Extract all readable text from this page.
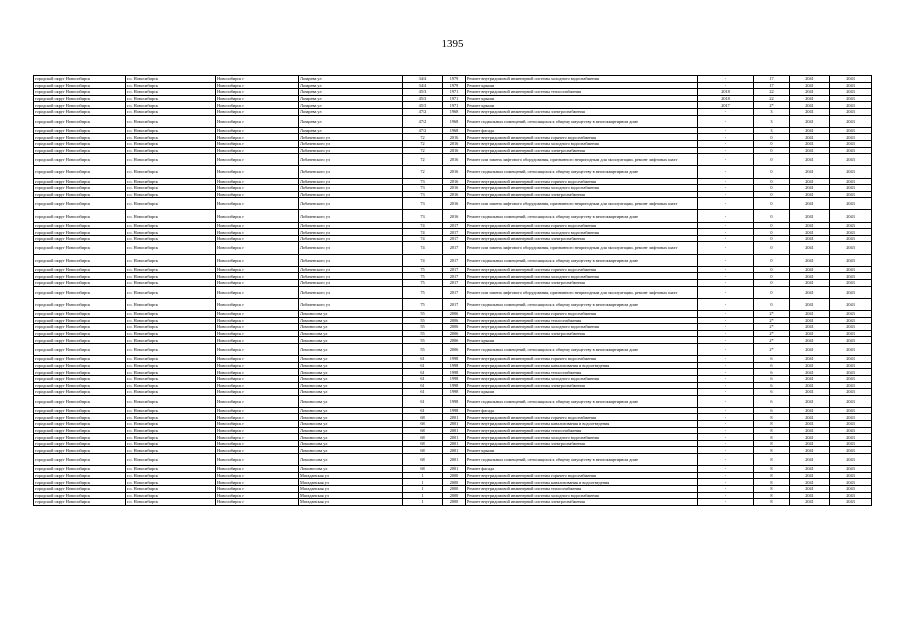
1395
городской округ Новосибирск	г.о. Новосибирск	Новосибирск г	Лазарева ул	34/4	1979	Ремонт внутридомовой инженерной системы холодного водоснабжения	-	17	2041	2043
городской округ Новосибирск	г.о. Новосибирск	Новосибирск г	Лазарева ул	34/4	1979	Ремонт крыши	-	17	2041	2043
городской округ Новосибирск	г.о. Новосибирск	Новосибирск г	Лазарева ул	45/3	1971	Ремонт внутридомовой инженерной системы теплоснабжения	2018	22	2041	2043
городской округ Новосибирск	г.о. Новосибирск	Новосибирск г	Лазарева ул	45/3	1971	Ремонт крыши	2018	22	2041	2043
городской округ Новосибирск	г.о. Новосибирск	Новосибирск г	Лазарева ул	45/3	1971	Ремонт крыши	2017	2*	2041	2043
городской округ Новосибирск	г.о. Новосибирск	Новосибирск г	Лазарева ул	47/2	1968	Ремонт внутридомовой инженерной системы электроснабжения	-	3	2041	2043
городской округ Новосибирск	г.о. Новосибирск	Новосибирск г	Лазарева ул	47/2	1968	Ремонт подвальных помещений, относящихся к общему имуществу в многоквартирном доме	-	3	2041	2043
городской округ Новосибирск	г.о. Новосибирск	Новосибирск г	Лазарева ул	47/2	1968	Ремонт фасада	-	3	2041	2043
городской округ Новосибирск	г.о. Новосибирск	Новосибирск г	Лобачевского ул	72	2016	Ремонт внутридомовой инженерной системы горячего водоснабжения	-	0	2041	2043
городской округ Новосибирск	г.о. Новосибирск	Новосибирск г	Лобачевского ул	72	2016	Ремонт внутридомовой инженерной системы холодного водоснабжения	-	0	2041	2043
городской округ Новосибирск	г.о. Новосибирск	Новосибирск г	Лобачевского ул	72	2016	Ремонт внутридомовой инженерной системы электроснабжения	-	0	2041	2043
городской округ Новосибирск	г.о. Новосибирск	Новосибирск г	Лобачевского ул	72	2016	Ремонт или замена лифтового оборудования, признанного непригодным для эксплуатации, ремонт лифтовых шахт	-	0	2041	2043
городской округ Новосибирск	г.о. Новосибирск	Новосибирск г	Лобачевского ул	72	2016	Ремонт подвальных помещений, относящихся к общему имуществу в многоквартирном доме	-	0	2041	2043
городской округ Новосибирск	г.о. Новосибирск	Новосибирск г	Лобачевского ул	73	2016	Ремонт внутридомовой инженерной системы горячего водоснабжения	-	0	2041	2043
городской округ Новосибирск	г.о. Новосибирск	Новосибирск г	Лобачевского ул	73	2016	Ремонт внутридомовой инженерной системы холодного водоснабжения	-	0	2041	2043
городской округ Новосибирск	г.о. Новосибирск	Новосибирск г	Лобачевского ул	73	2016	Ремонт внутридомовой инженерной системы электроснабжения	-	0	2041	2043
городской округ Новосибирск	г.о. Новосибирск	Новосибирск г	Лобачевского ул	73	2016	Ремонт или замена лифтового оборудования, признанного непригодным для эксплуатации, ремонт лифтовых шахт	-	0	2041	2043
городской округ Новосибирск	г.о. Новосибирск	Новосибирск г	Лобачевского ул	73	2016	Ремонт подвальных помещений, относящихся к общему имуществу в многоквартирном доме	-	0	2041	2043
городской округ Новосибирск	г.о. Новосибирск	Новосибирск г	Лобачевского ул	74	2017	Ремонт внутридомовой инженерной системы горячего водоснабжения	-	0	2041	2043
городской округ Новосибирск	г.о. Новосибирск	Новосибирск г	Лобачевского ул	74	2017	Ремонт внутридомовой инженерной системы холодного водоснабжения	-	0	2041	2043
городской округ Новосибирск	г.о. Новосибирск	Новосибирск г	Лобачевского ул	74	2017	Ремонт внутридомовой инженерной системы электроснабжения	-	0	2041	2043
городской округ Новосибирск	г.о. Новосибирск	Новосибирск г	Лобачевского ул	74	2017	Ремонт или замена лифтового оборудования, признанного непригодным для эксплуатации, ремонт лифтовых шахт	-	0	2041	2043
городской округ Новосибирск	г.о. Новосибирск	Новосибирск г	Лобачевского ул	74	2017	Ремонт подвальных помещений, относящихся к общему имуществу в многоквартирном доме	-	0	2041	2043
городской округ Новосибирск	г.о. Новосибирск	Новосибирск г	Лобачевского ул	75	2017	Ремонт внутридомовой инженерной системы горячего водоснабжения	-	0	2041	2043
городской округ Новосибирск	г.о. Новосибирск	Новосибирск г	Лобачевского ул	75	2017	Ремонт внутридомовой инженерной системы холодного водоснабжения	-	0	2041	2043
городской округ Новосибирск	г.о. Новосибирск	Новосибирск г	Лобачевского ул	75	2017	Ремонт внутридомовой инженерной системы электроснабжения	-	0	2041	2043
городской округ Новосибирск	г.о. Новосибирск	Новосибирск г	Лобачевского ул	75	2017	Ремонт или замена лифтового оборудования, признанного непригодным для эксплуатации, ремонт лифтовых шахт	-	0	2041	2043
городской округ Новосибирск	г.о. Новосибирск	Новосибирск г	Лобачевского ул	75	2017	Ремонт подвальных помещений, относящихся к общему имуществу в многоквартирном доме	-	0	2041	2043
городской округ Новосибирск	г.о. Новосибирск	Новосибирск г	Ломоносова ул	55	2006	Ремонт внутридомовой инженерной системы горячего водоснабжения	-	2*	2041	2043
городской округ Новосибирск	г.о. Новосибирск	Новосибирск г	Ломоносова ул	55	2006	Ремонт внутридомовой инженерной системы теплоснабжения	-	2*	2041	2043
городской округ Новосибирск	г.о. Новосибирск	Новосибирск г	Ломоносова ул	55	2006	Ремонт внутридомовой инженерной системы холодного водоснабжения	-	2*	2041	2043
городской округ Новосибирск	г.о. Новосибирск	Новосибирск г	Ломоносова ул	55	2006	Ремонт внутридомовой инженерной системы электроснабжения	-	2*	2041	2043
городской округ Новосибирск	г.о. Новосибирск	Новосибирск г	Ломоносова ул	55	2006	Ремонт крыши	-	2*	2041	2043
городской округ Новосибирск	г.о. Новосибирск	Новосибирск г	Ломоносова ул	55	2006	Ремонт подвальных помещений, относящихся к общему имуществу в многоквартирном доме	-	2*	2041	2043
городской округ Новосибирск	г.о. Новосибирск	Новосибирск г	Ломоносова ул	61	1998	Ремонт внутридомовой инженерной системы горячего водоснабжения	-	6	2041	2043
городской округ Новосибирск	г.о. Новосибирск	Новосибирск г	Ломоносова ул	61	1998	Ремонт внутридомовой инженерной системы канализования и водоотведения	-	6	2041	2043
городской округ Новосибирск	г.о. Новосибирск	Новосибирск г	Ломоносова ул	61	1998	Ремонт внутридомовой инженерной системы теплоснабжения	-	6	2041	2043
городской округ Новосибирск	г.о. Новосибирск	Новосибирск г	Ломоносова ул	61	1998	Ремонт внутридомовой инженерной системы холодного водоснабжения	-	6	2041	2043
городской округ Новосибирск	г.о. Новосибирск	Новосибирск г	Ломоносова ул	61	1998	Ремонт внутридомовой инженерной системы электроснабжения	-	6	2041	2043
городской округ Новосибирск	г.о. Новосибирск	Новосибирск г	Ломоносова ул	61	1998	Ремонт крыши	-	6	2041	2043
городской округ Новосибирск	г.о. Новосибирск	Новосибирск г	Ломоносова ул	61	1998	Ремонт подвальных помещений, относящихся к общему имуществу в многоквартирном доме	-	6	2041	2043
городской округ Новосибирск	г.о. Новосибирск	Новосибирск г	Ломоносова ул	61	1998	Ремонт фасада	-	6	2041	2043
городской округ Новосибирск	г.о. Новосибирск	Новосибирск г	Ломоносова ул	68	2001	Ремонт внутридомовой инженерной системы горячего водоснабжения	-	8	2041	2043
городской округ Новосибирск	г.о. Новосибирск	Новосибирск г	Ломоносова ул	68	2001	Ремонт внутридомовой инженерной системы канализования и водоотведения	-	8	2041	2043
городской округ Новосибирск	г.о. Новосибирск	Новосибирск г	Ломоносова ул	68	2001	Ремонт внутридомовой инженерной системы теплоснабжения	-	8	2041	2043
городской округ Новосибирск	г.о. Новосибирск	Новосибирск г	Ломоносова ул	68	2001	Ремонт внутридомовой инженерной системы холодного водоснабжения	-	8	2041	2043
городской округ Новосибирск	г.о. Новосибирск	Новосибирск г	Ломоносова ул	68	2001	Ремонт внутридомовой инженерной системы электроснабжения	-	8	2041	2043
городской округ Новосибирск	г.о. Новосибирск	Новосибирск г	Ломоносова ул	68	2001	Ремонт крыши	-	8	2041	2043
городской округ Новосибирск	г.о. Новосибирск	Новосибирск г	Ломоносова ул	68	2001	Ремонт подвальных помещений, относящихся к общему имуществу в многоквартирном доме	-	8	2041	2043
городской округ Новосибирск	г.о. Новосибирск	Новосибирск г	Ломоносова ул	68	2001	Ремонт фасада	-	8	2041	2043
городской округ Новосибирск	г.о. Новосибирск	Новосибирск г	Магаданская ул	1	2000	Ремонт внутридомовой инженерной системы горячего водоснабжения	-	8	2041	2043
городской округ Новосибирск	г.о. Новосибирск	Новосибирск г	Магаданская ул	1	2000	Ремонт внутридомовой инженерной системы канализования и водоотведения	-	8	2041	2043
городской округ Новосибирск	г.о. Новосибирск	Новосибирск г	Магаданская ул	1	2000	Ремонт внутридомовой инженерной системы теплоснабжения	-	8	2041	2043
городской округ Новосибирск	г.о. Новосибирск	Новосибирск г	Магаданская ул	1	2000	Ремонт внутридомовой инженерной системы холодного водоснабжения	-	8	2041	2043
городской округ Новосибирск	г.о. Новосибирск	Новосибирск г	Магаданская ул	1	2000	Ремонт внутридомовой инженерной системы электроснабжения	-	8	2041	2043
